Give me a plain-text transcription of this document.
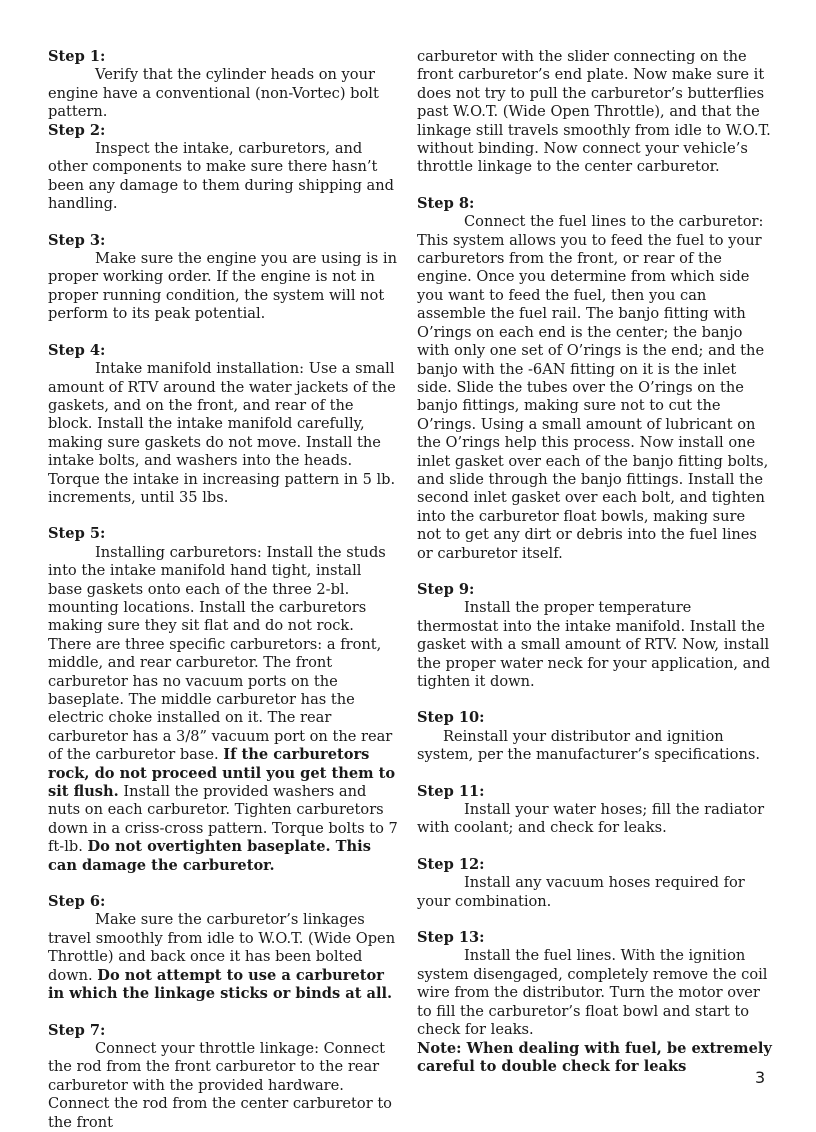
Step 1:

Verify that the cylinder heads on your engine have a conventional (non-Vortec) bolt pattern.

Step 2:

Inspect the intake, carburetors, and other components to make sure there hasn’t been any damage to them during shipping and handling.

Step 3:

Make sure the engine you are using is in proper working order. If the engine is not in proper running condition, the system will not perform to its peak potential.

Step 4:

Intake manifold installation: Use a small amount of RTV around the water jackets of the gaskets, and on the front, and rear of the block. Install the intake manifold carefully, making sure gaskets do not move. Install the intake bolts, and washers into the heads. Torque the intake in increasing pattern in 5 lb. increments, until 35 lbs.

Step 5:

Installing carburetors: Install the studs into the intake manifold hand tight, install base gaskets onto each of the three 2-bl. mounting locations. Install the carburetors making sure they sit flat and do not rock. There are three specific carburetors: a front, middle, and rear carburetor. The front carburetor has no vacuum ports on the baseplate. The middle carburetor has the electric choke installed on it. The rear carburetor has a 3/8” vacuum port on the rear of the carburetor base. If the carburetors rock, do not proceed until you get them to sit flush. Install the provided washers and nuts on each carburetor. Tighten carburetors down in a criss-cross pattern. Torque bolts to 7 ft-lb. Do not overtighten baseplate. This can damage the carburetor.

Step 6:

Make sure the carburetor’s linkages travel smoothly from idle to W.O.T. (Wide Open Throttle) and back once it has been bolted down. Do not attempt to use a carburetor in which the linkage sticks or binds at all.

Step 7:

Connect your throttle linkage: Connect the rod from the front carburetor to the rear carburetor with the provided hardware. Connect the rod from the center carburetor to the front

carburetor with the slider connecting on the front carburetor’s end plate. Now make sure it does not try to pull the carburetor’s butterflies past W.O.T. (Wide Open Throttle), and that the linkage still travels smoothly from idle to W.O.T. without binding. Now connect your vehicle’s throttle linkage to the center carburetor.

Step 8:

Connect the fuel lines to the carburetor: This system allows you to feed the fuel to your carburetors from the front, or rear of the engine. Once you determine from which side you want to feed the fuel, then you can assemble the fuel rail. The banjo fitting with O’rings on each end is the center; the banjo with only one set of O’rings is the end; and the banjo with the -6AN fitting on it is the inlet side. Slide the tubes over the O’rings on the banjo fittings, making sure not to cut the O’rings. Using a small amount of lubricant on the O’rings help this process. Now install one inlet gasket over each of the banjo fitting bolts, and slide through the banjo fittings. Install the second inlet gasket over each bolt, and tighten into the carburetor float bowls, making sure not to get any dirt or debris into the fuel lines or carburetor itself.

Step 9:

Install the proper temperature thermostat into the intake manifold. Install the gasket with a small amount of RTV. Now, install the proper water neck for your application, and tighten it down.

Step 10:

Reinstall your distributor and ignition system, per the manufacturer’s specifications.

Step 11:

Install your water hoses; fill the radiator with coolant; and check for leaks.

Step 12:

Install any vacuum hoses required for your combination.

Step 13:

Install the fuel lines. With the ignition system disengaged, completely remove the coil wire from the distributor. Turn the motor over to fill the carburetor’s float bowl and start to check for leaks.

Note: When dealing with fuel, be extremely careful to double check for leaks

3
